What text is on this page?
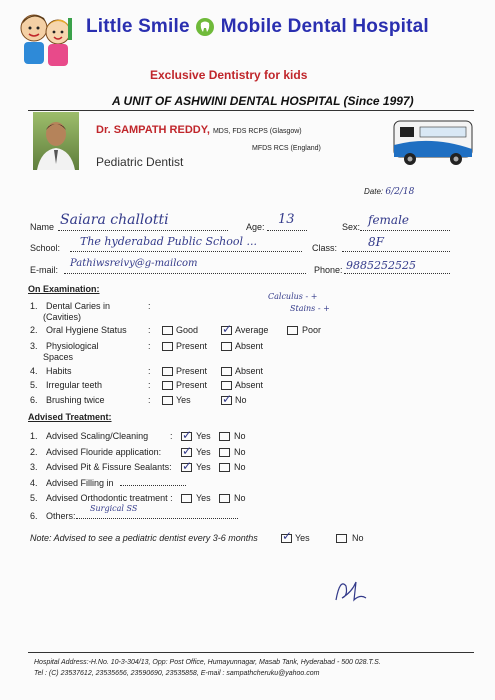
Little Smile Mobile Dental Hospital
Exclusive Dentistry for kids
A UNIT OF ASHWINI DENTAL HOSPITAL (Since 1997)
Dr. SAMPATH REDDY, MDS, FDS RCPS (Glasgow)
MFDS RCS (England)
Pediatric Dentist
Date: 6/2/18
Name Saiara challotti	Age: 13	Sex: female
School: The hyderabad Public School ...	Class:	8F
E-mail:
Pathiwsreivy@g-mailcom
Phone: 9885252525
On Examination:
Calculus - +
Stains - +
1. Dental Caries in
(Cavities)
:
2. Oral Hygiene Status :	Good ✓ Average	Poor
3. Physiological
Spaces
:	Present	Absent
4. Habits	:	Present	Absent
5. Irregular teeth	:	Present	Absent
6. Brushing twice	:	Yes	✓ No
Advised Treatment:
1. Advised Scaling/Cleaning : ✓ Yes	No
2. Advised Flouride application: ✓ Yes	No
3. Advised Pit & Fissure Sealants: ✓ Yes	No
4. Advised Filling in
5. Advised Orthodontic treatment :	Yes	No
6. Others:
Surgical SS
Note: Advised to see a pediatric dentist every 3-6 months ✓ Yes	No
Hospital Address:-H.No. 10-3-304/13, Opp: Post Office, Humayunnagar, Masab Tank, Hyderabad - 500 028.T.S.
Tel : (C) 23537612, 23535656, 23590690, 23535858, E-mail : sampathcheruku@yahoo.com
